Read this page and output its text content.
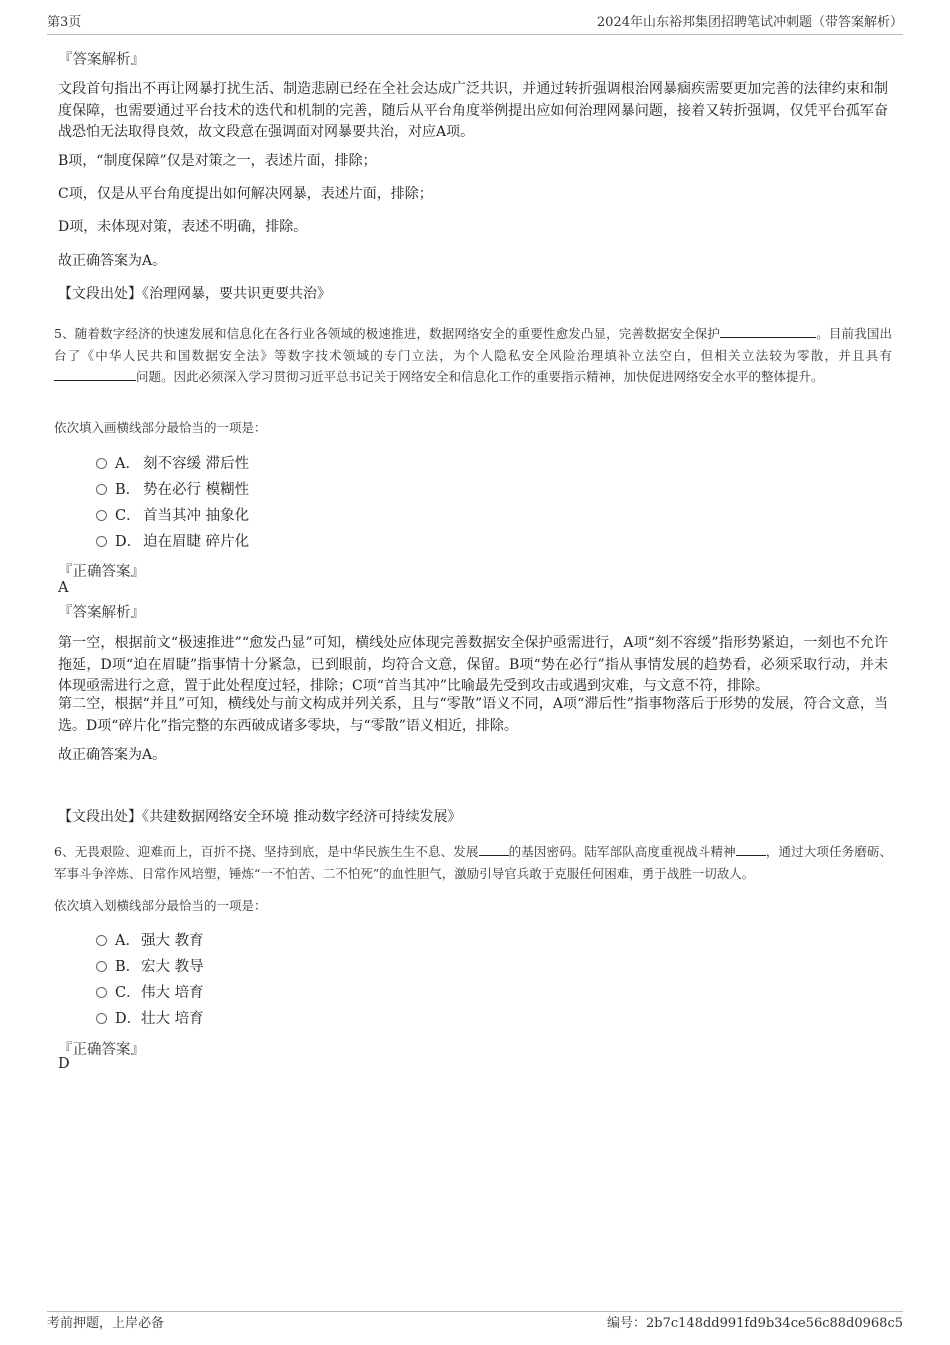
第3页	2024年山东裕邦集团招聘笔试冲刺题（带答案解析）
『答案解析』
文段首句指出不再让网暴打扰生活、制造悲剧已经在全社会达成广泛共识，并通过转折强调根治网暴痼疾需要更加完善的法律约束和制度保障，也需要通过平台技术的迭代和机制的完善，随后从平台角度举例提出应如何治理网暴问题，接着又转折强调，仅凭平台孤军奋战恐怕无法取得良效，故文段意在强调面对网暴要共治，对应A项。
B项，“制度保障”仅是对策之一，表述片面，排除；
C项，仅是从平台角度提出如何解决网暴，表述片面，排除；
D项，未体现对策，表述不明确，排除。
故正确答案为A。
【文段出处】《治理网暴，要共识更要共治》
5、随着数字经济的快速发展和信息化在各行业各领域的极速推进，数据网络安全的重要性愈发凸显，完善数据安全保护	。目前我国出台了《中华人民共和国数据安全法》等数字技术领域的专门立法，为个人隐私安全风险治理填补立法空白，但相关立法较为零散，并且具有问题。因此必须深入学习贯彻习近平总书记关于网络安全和信息化工作的重要指示精神，加快促进网络安全水平的整体提升。
依次填入画横线部分最恰当的一项是：
A． 刻不容缓 滞后性
B． 势在必行 模糊性
C． 首当其冲 抽象化
D． 迫在眉睫 碎片化
『正确答案』
A
『答案解析』
第一空，根据前文“极速推进”“愈发凸显”可知，横线处应体现完善数据安全保护亟需进行，A项“刻不容缓”指形势紧迫，一刻也不允许拖延，D项“迫在眉睫”指事情十分紧急，已到眼前，均符合文意，保留。B项“势在必行”指从事情发展的趋势看，必须采取行动，并未体现亟需进行之意，置于此处程度过轻，排除；C项“首当其冲”比喻最先受到攻击或遇到灾难，与文意不符，排除。
第二空，根据“并且”可知，横线处与前文构成并列关系，且与“零散”语义不同，A项“滞后性”指事物落后于形势的发展，符合文意，当选。D项“碎片化”指完整的东西破成诸多零块，与“零散”语义相近，排除。
故正确答案为A。
【文段出处】《共建数据网络安全环境 推动数字经济可持续发展》
6、无畏艰险、迎难而上，百折不挠、坚持到底，是中华民族生生不息、发展 的基因密码。陆军部队高度重视战斗精神 ，通过大项任务磨砺、军事斗争淬炼、日常作风培塑，锤炼“一不怕苦、二不怕死”的血性胆气，激励引导官兵敢于克服任何困难，勇于战胜一切敌人。
依次填入划横线部分最恰当的一项是：
A．强大 教育
B．宏大 教导
C．伟大 培育
D．壮大 培育
『正确答案』
D
考前押题，上岸必备	编号：2b7c148dd991fd9b34ce56c88d0968c5
